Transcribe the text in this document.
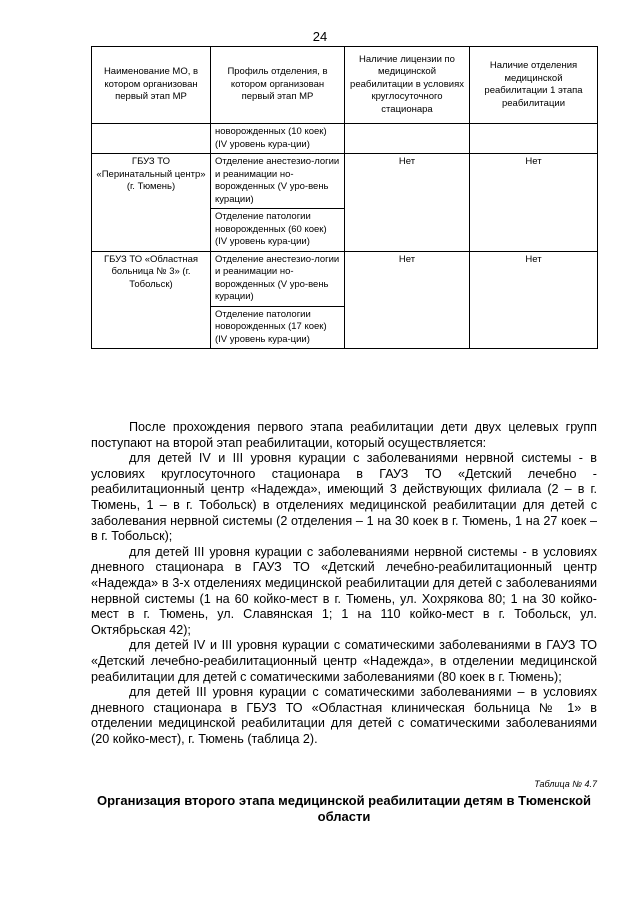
24
Наименование МО, в котором организован первый этап МР	Профиль отделения, в котором организован первый этап МР	Наличие лицензии по медицинской реабилитации в условиях круглосуточного стационара	Наличие отделения медицинской реабилитации 1 этапа реабилитации
	новорожденных (10 коек) (IV уровень кура-ции)		
ГБУЗ ТО «Перинатальный центр» (г. Тюмень)	Отделение анестезио-логии и реанимации но-ворожденных (V уро-вень курации)	Нет	Нет
	Отделение патологии новорожденных (60 коек) (IV уровень кура-ции)		
ГБУЗ ТО «Областная больница № 3» (г. Тобольск)	Отделение анестезио-логии и реанимации но-ворожденных (V уро-вень курации)	Нет	Нет
	Отделение патологии новорожденных (17 коек) (IV уровень кура-ции)		

После прохождения первого этапа реабилитации дети двух целевых групп поступают на второй этап реабилитации, который осуществляется:

для детей IV и III уровня курации с заболеваниями нервной системы - в условиях круглосуточного стационара в ГАУЗ ТО «Детский лечебно - реабилитационный центр «Надежда», имеющий 3 действующих филиала (2 – в г. Тюмень, 1 – в г. Тобольск) в отделениях медицинской реабилитации для детей с заболевания нервной системы (2 отделения – 1 на 30 коек в г. Тюмень, 1 на 27 коек – в г. Тобольск);

для детей III уровня курации с заболеваниями нервной системы - в условиях дневного стационара в ГАУЗ ТО «Детский лечебно-реабилитационный центр «Надежда» в 3-х отделениях медицинской реабилитации для детей с заболеваниями нервной системы (1 на 60 койко-мест в г. Тюмень, ул. Хохрякова 80; 1 на 30 койко-мест в г. Тюмень, ул. Славянская 1; 1 на 110 койко-мест в г. Тобольск, ул. Октябрьская 42);

для детей IV и III уровня курации с соматическими заболеваниями в ГАУЗ ТО «Детский лечебно-реабилитационный центр «Надежда», в отделении медицинской реабилитации для детей с соматическими заболеваниями (80 коек в г. Тюмень);

для детей III уровня курации с соматическими заболеваниями – в условиях дневного стационара в ГБУЗ ТО «Областная клиническая больница № 1» в отделении медицинской реабилитации для детей с соматическими заболеваниями (20 койко-мест), г. Тюмень (таблица 2).

Таблица № 4.7
Организация второго этапа медицинской реабилитации детям в Тюменской области
